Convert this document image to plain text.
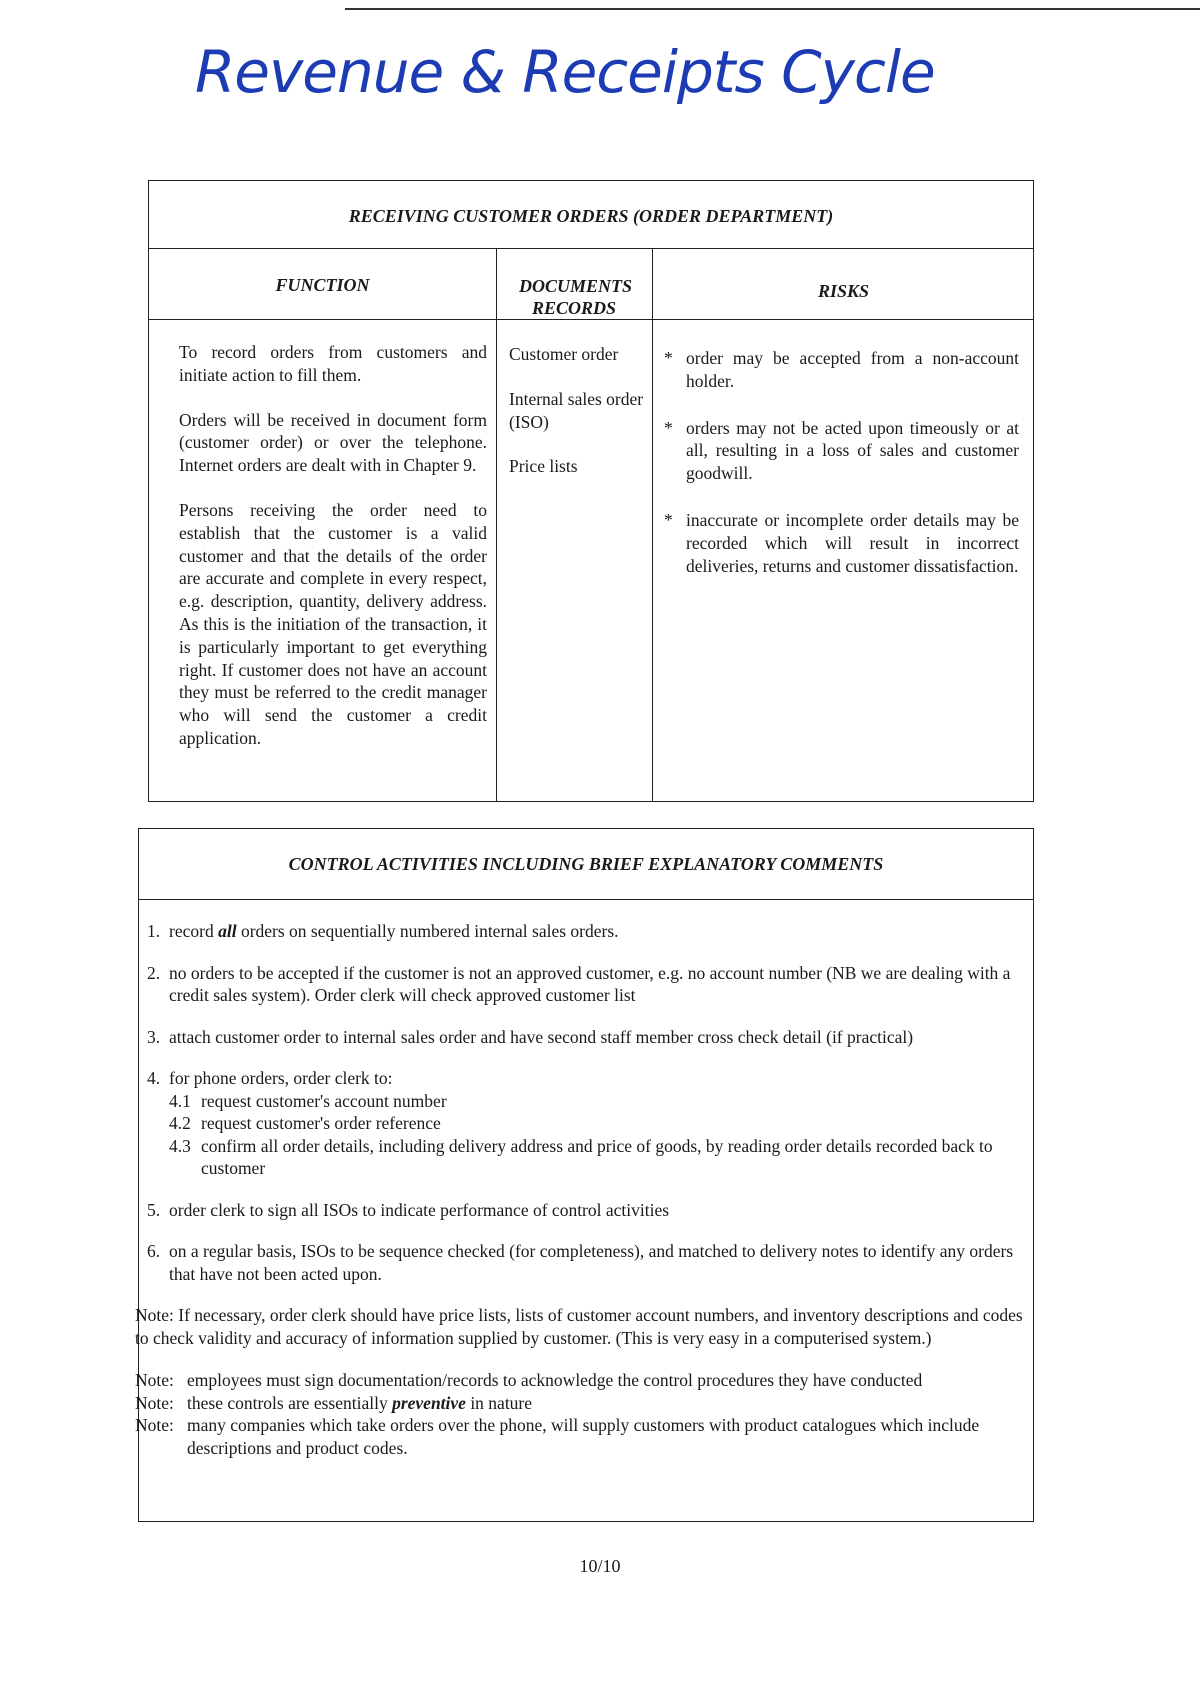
Revenue & Receipts Cycle
RECEIVING CUSTOMER ORDERS (ORDER DEPARTMENT)
FUNCTION	DOCUMENTS RECORDS
RISKS

To record orders from customers and initiate action to fill them.

Orders will be received in document form (customer order) or over the telephone. Internet orders are dealt with in Chapter 9.

Persons receiving the order need to establish that the customer is a valid customer and that the details of the order are accurate and complete in every respect, e.g. description, quantity, delivery address. As this is the initiation of the transaction, it is particularly important to get everything right. If customer does not have an account they must be referred to the credit manager who will send the customer a credit application.

Customer order
Internal sales order (ISO)
Price lists
* order may be accepted from a non-account holder.
* orders may not be acted upon timeously or at all, resulting in a loss of sales and customer goodwill.
* inaccurate or incomplete order details may be recorded which will result in incorrect deliveries, returns and customer dissatisfaction.
CONTROL ACTIVITIES INCLUDING BRIEF EXPLANATORY COMMENTS
1. record all orders on sequentially numbered internal sales orders.
2. no orders to be accepted if the customer is not an approved customer, e.g. no account number (NB we are dealing with a credit sales system). Order clerk will check approved customer list
3. attach customer order to internal sales order and have second staff member cross check detail (if practical)
4. for phone orders, order clerk to:
4.1 request customer's account number
4.2 request customer's order reference
4.3 confirm all order details, including delivery address and price of goods, by reading order details recorded back to customer
5. order clerk to sign all ISOs to indicate performance of control activities
6. on a regular basis, ISOs to be sequence checked (for completeness), and matched to delivery notes to identify any orders that have not been acted upon.
Note: If necessary, order clerk should have price lists, lists of customer account numbers, and inventory descriptions and codes to check validity and accuracy of information supplied by customer. (This is very easy in a computerised system.)
Note: employees must sign documentation/records to acknowledge the control procedures they have conducted
Note: these controls are essentially preventive in nature
Note: many companies which take orders over the phone, will supply customers with product catalogues which include descriptions and product codes.
10/10
